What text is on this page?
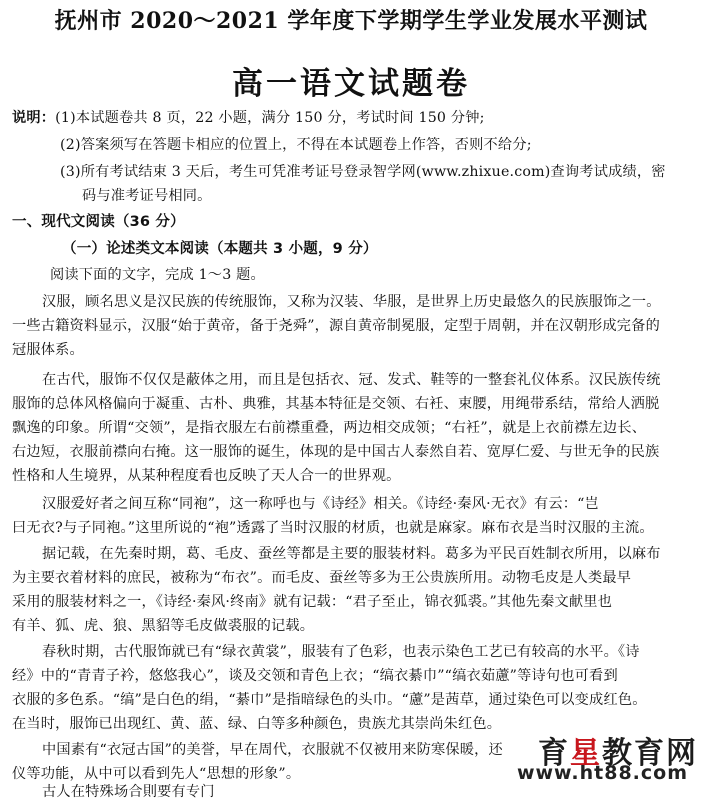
抚州市 2020～2021 学年度下学期学生学业发展水平测试
高一语文试题卷
说明：(1)本试题卷共 8 页，22 小题，满分 150 分，考试时间 150 分钟;
(2)答案须写在答题卡相应的位置上，不得在本试题卷上作答，否则不给分;
(3)所有考试结束 3 天后，考生可凭准考证号登录智学网(www.zhixue.com)查询考试成绩，密
码与准考证号相同。
一、现代文阅读（36 分）
（一）论述类文本阅读（本题共 3 小题，9 分）
阅读下面的文字，完成 1～3 题。
汉服，顾名思义是汉民族的传统服饰，又称为汉装、华服，是世界上历史最悠久的民族服饰之一。
一些古籍资料显示，汉服“始于黄帝，备于尧舜”，源自黄帝制冕服，定型于周朝，并在汉朝形成完备的
冠服体系。
在古代，服饰不仅仅是蔽体之用，而且是包括衣、冠、发式、鞋等的一整套礼仪体系。汉民族传统
服饰的总体风格偏向于凝重、古朴、典雅，其基本特征是交领、右衽、束腰，用绳带系结，常给人洒脱
飘逸的印象。所谓“交领”，是指衣服左右前襟重叠，两边相交成领；“右衽”，就是上衣前襟左边长、
右边短，衣服前襟向右掩。这一服饰的诞生，体现的是中国古人泰然自若、宽厚仁爱、与世无争的民族
性格和人生境界，从某种程度看也反映了天人合一的世界观。
汉服爱好者之间互称“同袍”，这一称呼也与《诗经》相关。《诗经·秦风·无衣》有云：“岂
曰无衣?与子同袍。”这里所说的“袍”透露了当时汉服的材质，也就是麻家。麻布衣是当时汉服的主流。
据记载，在先秦时期，葛、毛皮、蚕丝等都是主要的服装材料。葛多为平民百姓制衣所用，以麻布
为主要衣着材料的庶民，被称为“布衣”。而毛皮、蚕丝等多为王公贵族所用。动物毛皮是人类最早
采用的服装材料之一，《诗经·秦风·终南》就有记载：“君子至止，锦衣狐裘。”其他先秦文献里也
有羊、狐、虎、狼、黑貂等毛皮做裘服的记载。
春秋时期，古代服饰就已有“绿衣黄裳”，服装有了色彩，也表示染色工艺已有较高的水平。《诗
经》中的“青青子衿，悠悠我心”，谈及交领和青色上衣；“缟衣綦巾”“缟衣茹藘”等诗句也可看到
衣服的多色系。“缟”是白色的绢，“綦巾”是指暗绿色的头巾。“藘”是茜草，通过染色可以变成红色。
在当时，服饰已出现红、黄、蓝、绿、白等多种颜色，贵族尤其崇尚朱红色。
中国素有“衣冠古国”的美誉，早在周代，衣服就不仅被用来防寒保暖，还
仪等功能，从中可以看到先人“思想的形象”。
古人在特殊场合則要有专门
育星教育网
www.ht88.com
